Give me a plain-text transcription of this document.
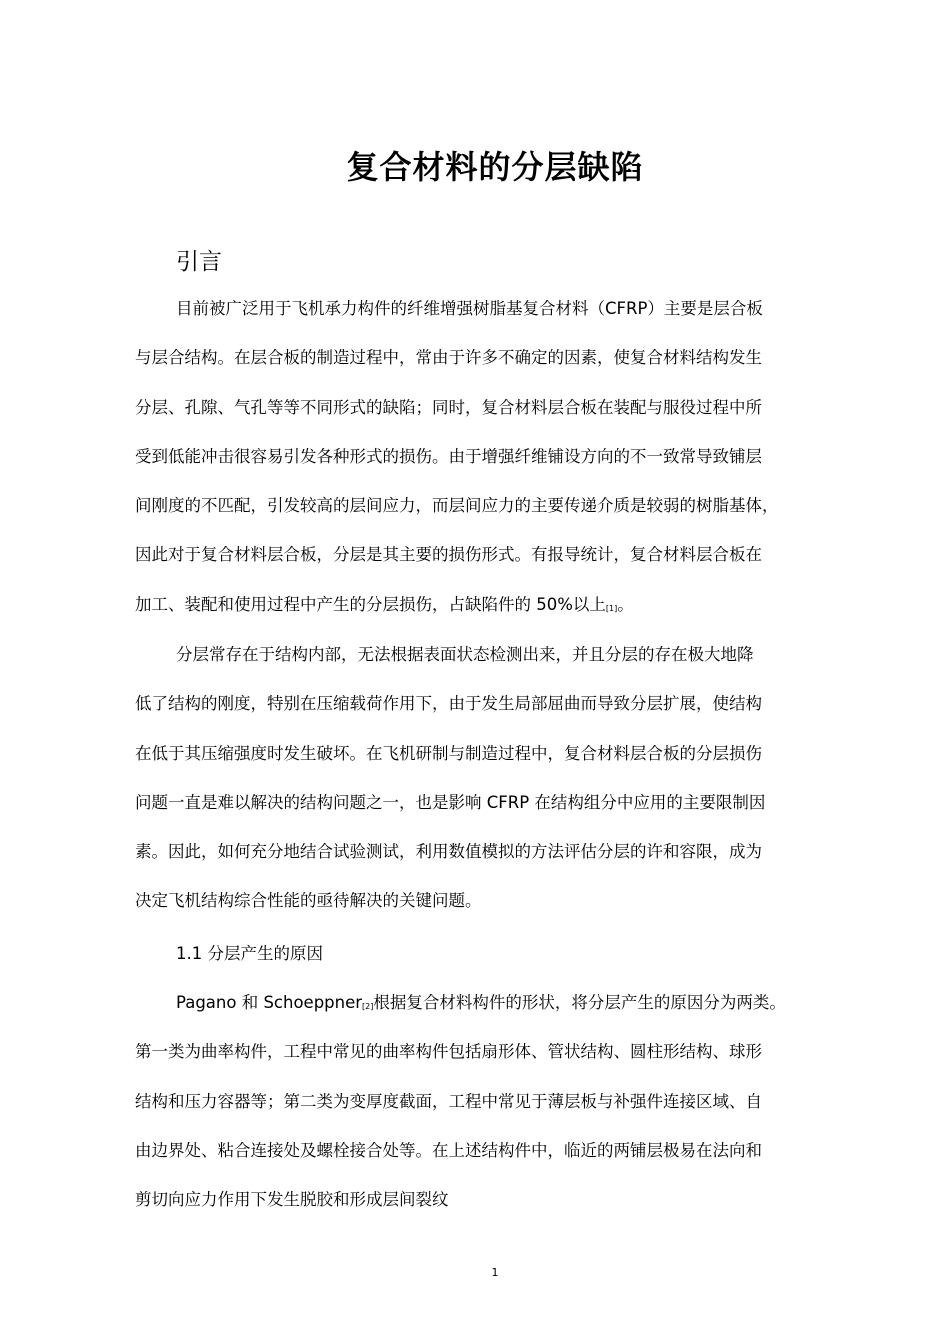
复合材料的分层缺陷
引言
目前被广泛用于飞机承力构件的纤维增强树脂基复合材料（CFRP）主要是层合板
与层合结构。在层合板的制造过程中，常由于许多不确定的因素，使复合材料结构发生
分层、孔隙、气孔等等不同形式的缺陷；同时，复合材料层合板在装配与服役过程中所
受到低能冲击很容易引发各种形式的损伤。由于增强纤维铺设方向的不一致常导致铺层
间刚度的不匹配，引发较高的层间应力，而层间应力的主要传递介质是较弱的树脂基体，
因此对于复合材料层合板，分层是其主要的损伤形式。有报导统计，复合材料层合板在
加工、装配和使用过程中产生的分层损伤，占缺陷件的 50%以上[1]。
分层常存在于结构内部，无法根据表面状态检测出来，并且分层的存在极大地降
低了结构的刚度，特别在压缩载荷作用下，由于发生局部屈曲而导致分层扩展，使结构
在低于其压缩强度时发生破坏。在飞机研制与制造过程中，复合材料层合板的分层损伤
问题一直是难以解决的结构问题之一，也是影响 CFRP 在结构组分中应用的主要限制因
素。因此，如何充分地结合试验测试，利用数值模拟的方法评估分层的许和容限，成为
决定飞机结构综合性能的亟待解决的关键问题。
1.1 分层产生的原因
Pagano 和 Schoeppner[2]根据复合材料构件的形状，将分层产生的原因分为两类。
第一类为曲率构件，工程中常见的曲率构件包括扇形体、管状结构、圆柱形结构、球形
结构和压力容器等；第二类为变厚度截面，工程中常见于薄层板与补强件连接区域、自
由边界处、粘合连接处及螺栓接合处等。在上述结构件中，临近的两铺层极易在法向和
剪切向应力作用下发生脱胶和形成层间裂纹
1
